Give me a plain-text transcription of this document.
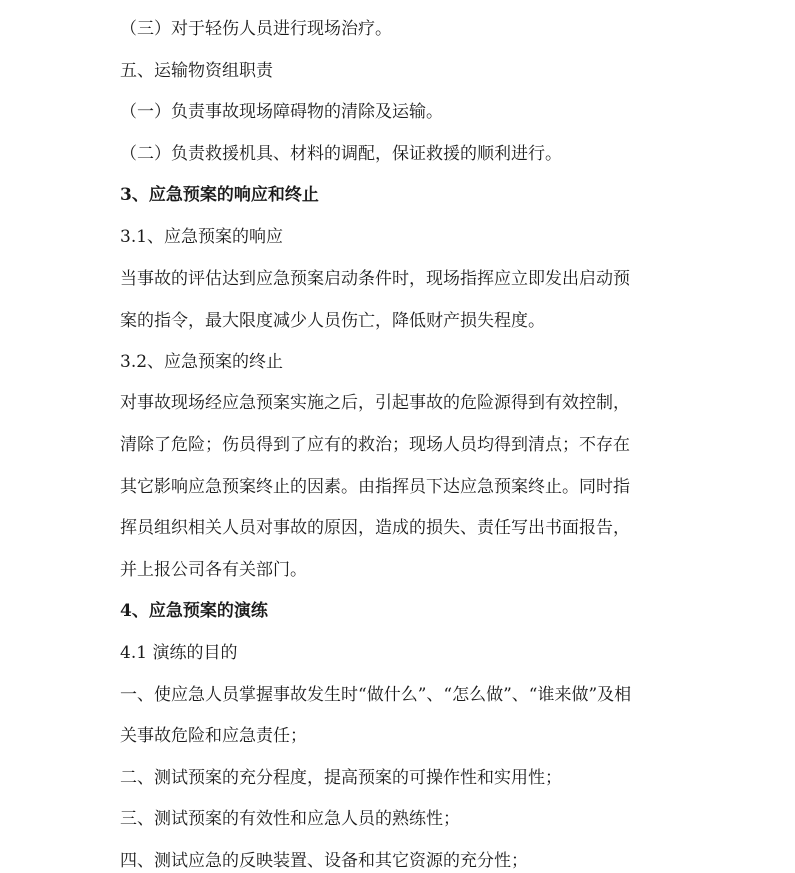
（三）对于轻伤人员进行现场治疗。
五、运输物资组职责
（一）负责事故现场障碍物的清除及运输。
（二）负责救援机具、材料的调配，保证救援的顺利进行。
3、应急预案的响应和终止
3.1、应急预案的响应
当事故的评估达到应急预案启动条件时，现场指挥应立即发出启动预
案的指令，最大限度减少人员伤亡，降低财产损失程度。
3.2、应急预案的终止
对事故现场经应急预案实施之后，引起事故的危险源得到有效控制，
清除了危险；伤员得到了应有的救治；现场人员均得到清点；不存在
其它影响应急预案终止的因素。由指挥员下达应急预案终止。同时指
挥员组织相关人员对事故的原因，造成的损失、责任写出书面报告，
并上报公司各有关部门。
4、应急预案的演练
4.1 演练的目的
一、使应急人员掌握事故发生时“做什么”、“怎么做”、“谁来做”及相
关事故危险和应急责任；
二、测试预案的充分程度，提高预案的可操作性和实用性；
三、测试预案的有效性和应急人员的熟练性；
四、测试应急的反映装置、设备和其它资源的充分性；
